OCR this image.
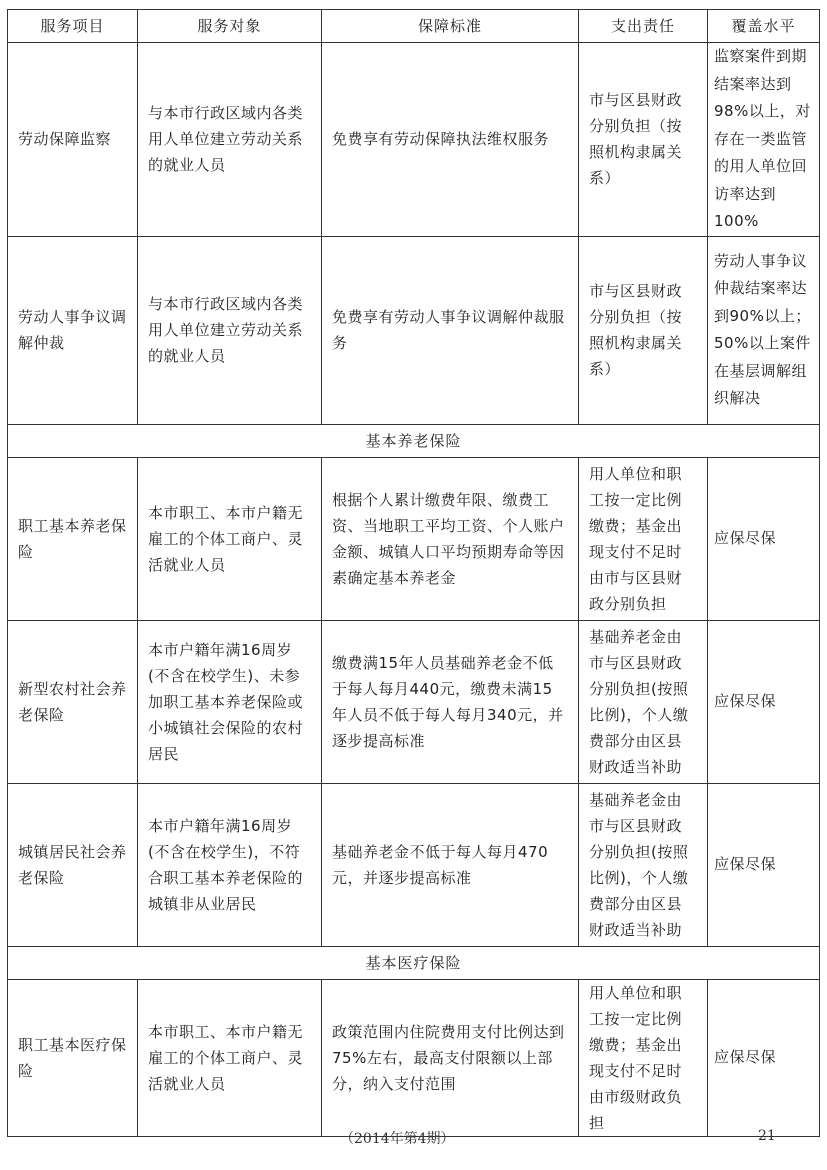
服务项目	服务对象	保障标准	支出责任	覆盖水平
劳动保障监察	与本市行政区域内各类用人单位建立劳动关系的就业人员	免费享有劳动保障执法维权服务	市与区县财政分别负担（按照机构隶属关系）	监察案件到期结案率达到98%以上，对存在一类监管的用人单位回访率达到100%
劳动人事争议调解仲裁	与本市行政区域内各类用人单位建立劳动关系的就业人员	免费享有劳动人事争议调解仲裁服务	市与区县财政分别负担（按照机构隶属关系）	劳动人事争议仲裁结案率达到90%以上；50%以上案件在基层调解组织解决
基本养老保险				
职工基本养老保险	本市职工、本市户籍无雇工的个体工商户、灵活就业人员	根据个人累计缴费年限、缴费工资、当地职工平均工资、个人账户金额、城镇人口平均预期寿命等因素确定基本养老金	用人单位和职工按一定比例缴费；基金出现支付不足时由市与区县财政分别负担	应保尽保
新型农村社会养老保险	本市户籍年满16周岁(不含在校学生)、未参加职工基本养老保险或小城镇社会保险的农村居民	缴费满15年人员基础养老金不低于每人每月440元，缴费未满15年人员不低于每人每月340元，并逐步提高标准	基础养老金由市与区县财政分别负担(按照比例)，个人缴费部分由区县财政适当补助	应保尽保
城镇居民社会养老保险	本市户籍年满16周岁(不含在校学生)，不符合职工基本养老保险的城镇非从业居民	基础养老金不低于每人每月470元，并逐步提高标准	基础养老金由市与区县财政分别负担(按照比例)，个人缴费部分由区县财政适当补助	应保尽保
基本医疗保险				
职工基本医疗保险	本市职工、本市户籍无雇工的个体工商户、灵活就业人员	政策范围内住院费用支付比例达到75%左右，最高支付限额以上部分，纳入支付范围	用人单位和职工按一定比例缴费；基金出现支付不足时由市级财政负担	应保尽保
（2014年第4期）	21
